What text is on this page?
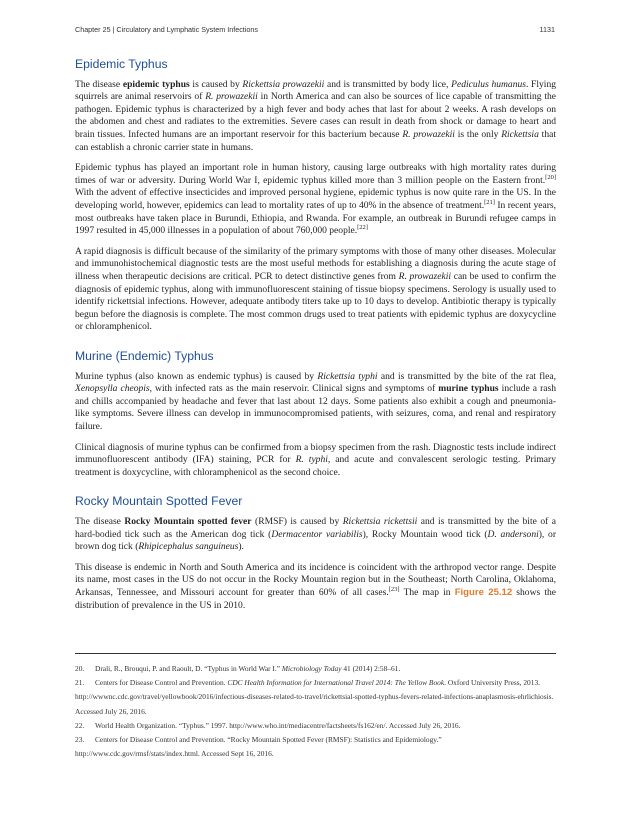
Chapter 25 | Circulatory and Lymphatic System Infections	1131
Epidemic Typhus

The disease epidemic typhus is caused by Rickettsia prowazekii and is transmitted by body lice, Pediculus humanus. Flying squirrels are animal reservoirs of R. prowazekii in North America and can also be sources of lice capable of transmitting the pathogen. Epidemic typhus is characterized by a high fever and body aches that last for about 2 weeks. A rash develops on the abdomen and chest and radiates to the extremities. Severe cases can result in death from shock or damage to heart and brain tissues. Infected humans are an important reservoir for this bacterium because R. prowazekii is the only Rickettsia that can establish a chronic carrier state in humans.

Epidemic typhus has played an important role in human history, causing large outbreaks with high mortality rates during times of war or adversity. During World War I, epidemic typhus killed more than 3 million people on the Eastern front.[20] With the advent of effective insecticides and improved personal hygiene, epidemic typhus is now quite rare in the US. In the developing world, however, epidemics can lead to mortality rates of up to 40% in the absence of treatment.[21] In recent years, most outbreaks have taken place in Burundi, Ethiopia, and Rwanda. For example, an outbreak in Burundi refugee camps in 1997 resulted in 45,000 illnesses in a population of about 760,000 people.[22]

A rapid diagnosis is difficult because of the similarity of the primary symptoms with those of many other diseases. Molecular and immunohistochemical diagnostic tests are the most useful methods for establishing a diagnosis during the acute stage of illness when therapeutic decisions are critical. PCR to detect distinctive genes from R. prowazekii can be used to confirm the diagnosis of epidemic typhus, along with immunofluorescent staining of tissue biopsy specimens. Serology is usually used to identify rickettsial infections. However, adequate antibody titers take up to 10 days to develop. Antibiotic therapy is typically begun before the diagnosis is complete. The most common drugs used to treat patients with epidemic typhus are doxycycline or chloramphenicol.

Murine (Endemic) Typhus

Murine typhus (also known as endemic typhus) is caused by Rickettsia typhi and is transmitted by the bite of the rat flea, Xenopsylla cheopis, with infected rats as the main reservoir. Clinical signs and symptoms of murine typhus include a rash and chills accompanied by headache and fever that last about 12 days. Some patients also exhibit a cough and pneumonia-like symptoms. Severe illness can develop in immunocompromised patients, with seizures, coma, and renal and respiratory failure.

Clinical diagnosis of murine typhus can be confirmed from a biopsy specimen from the rash. Diagnostic tests include indirect immunofluorescent antibody (IFA) staining, PCR for R. typhi, and acute and convalescent serologic testing. Primary treatment is doxycycline, with chloramphenicol as the second choice.

Rocky Mountain Spotted Fever

The disease Rocky Mountain spotted fever (RMSF) is caused by Rickettsia rickettsii and is transmitted by the bite of a hard-bodied tick such as the American dog tick (Dermacentor variabilis), Rocky Mountain wood tick (D. andersoni), or brown dog tick (Rhipicephalus sanguineus).

This disease is endemic in North and South America and its incidence is coincident with the arthropod vector range. Despite its name, most cases in the US do not occur in the Rocky Mountain region but in the Southeast; North Carolina, Oklahoma, Arkansas, Tennessee, and Missouri account for greater than 60% of all cases.[23] The map in Figure 25.12 shows the distribution of prevalence in the US in 2010.

20. Drali, R., Brouqui, P. and Raoult, D. “Typhus in World War I.” Microbiology Today 41 (2014) 2:58–61.

21. Centers for Disease Control and Prevention. CDC Health Information for International Travel 2014: The Yellow Book. Oxford University Press, 2013. http://wwwnc.cdc.gov/travel/yellowbook/2016/infectious-diseases-related-to-travel/rickettsial-spotted-typhus-fevers-related-infections-anaplasmosis-ehrlichiosis. Accessed July 26, 2016.

22. World Health Organization. “Typhus.” 1997. http://www.who.int/mediacentre/factsheets/fs162/en/. Accessed July 26, 2016.

23. Centers for Disease Control and Prevention. “Rocky Mountain Spotted Fever (RMSF): Statistics and Epidemiology.” http://www.cdc.gov/rmsf/stats/index.html. Accessed Sept 16, 2016.
